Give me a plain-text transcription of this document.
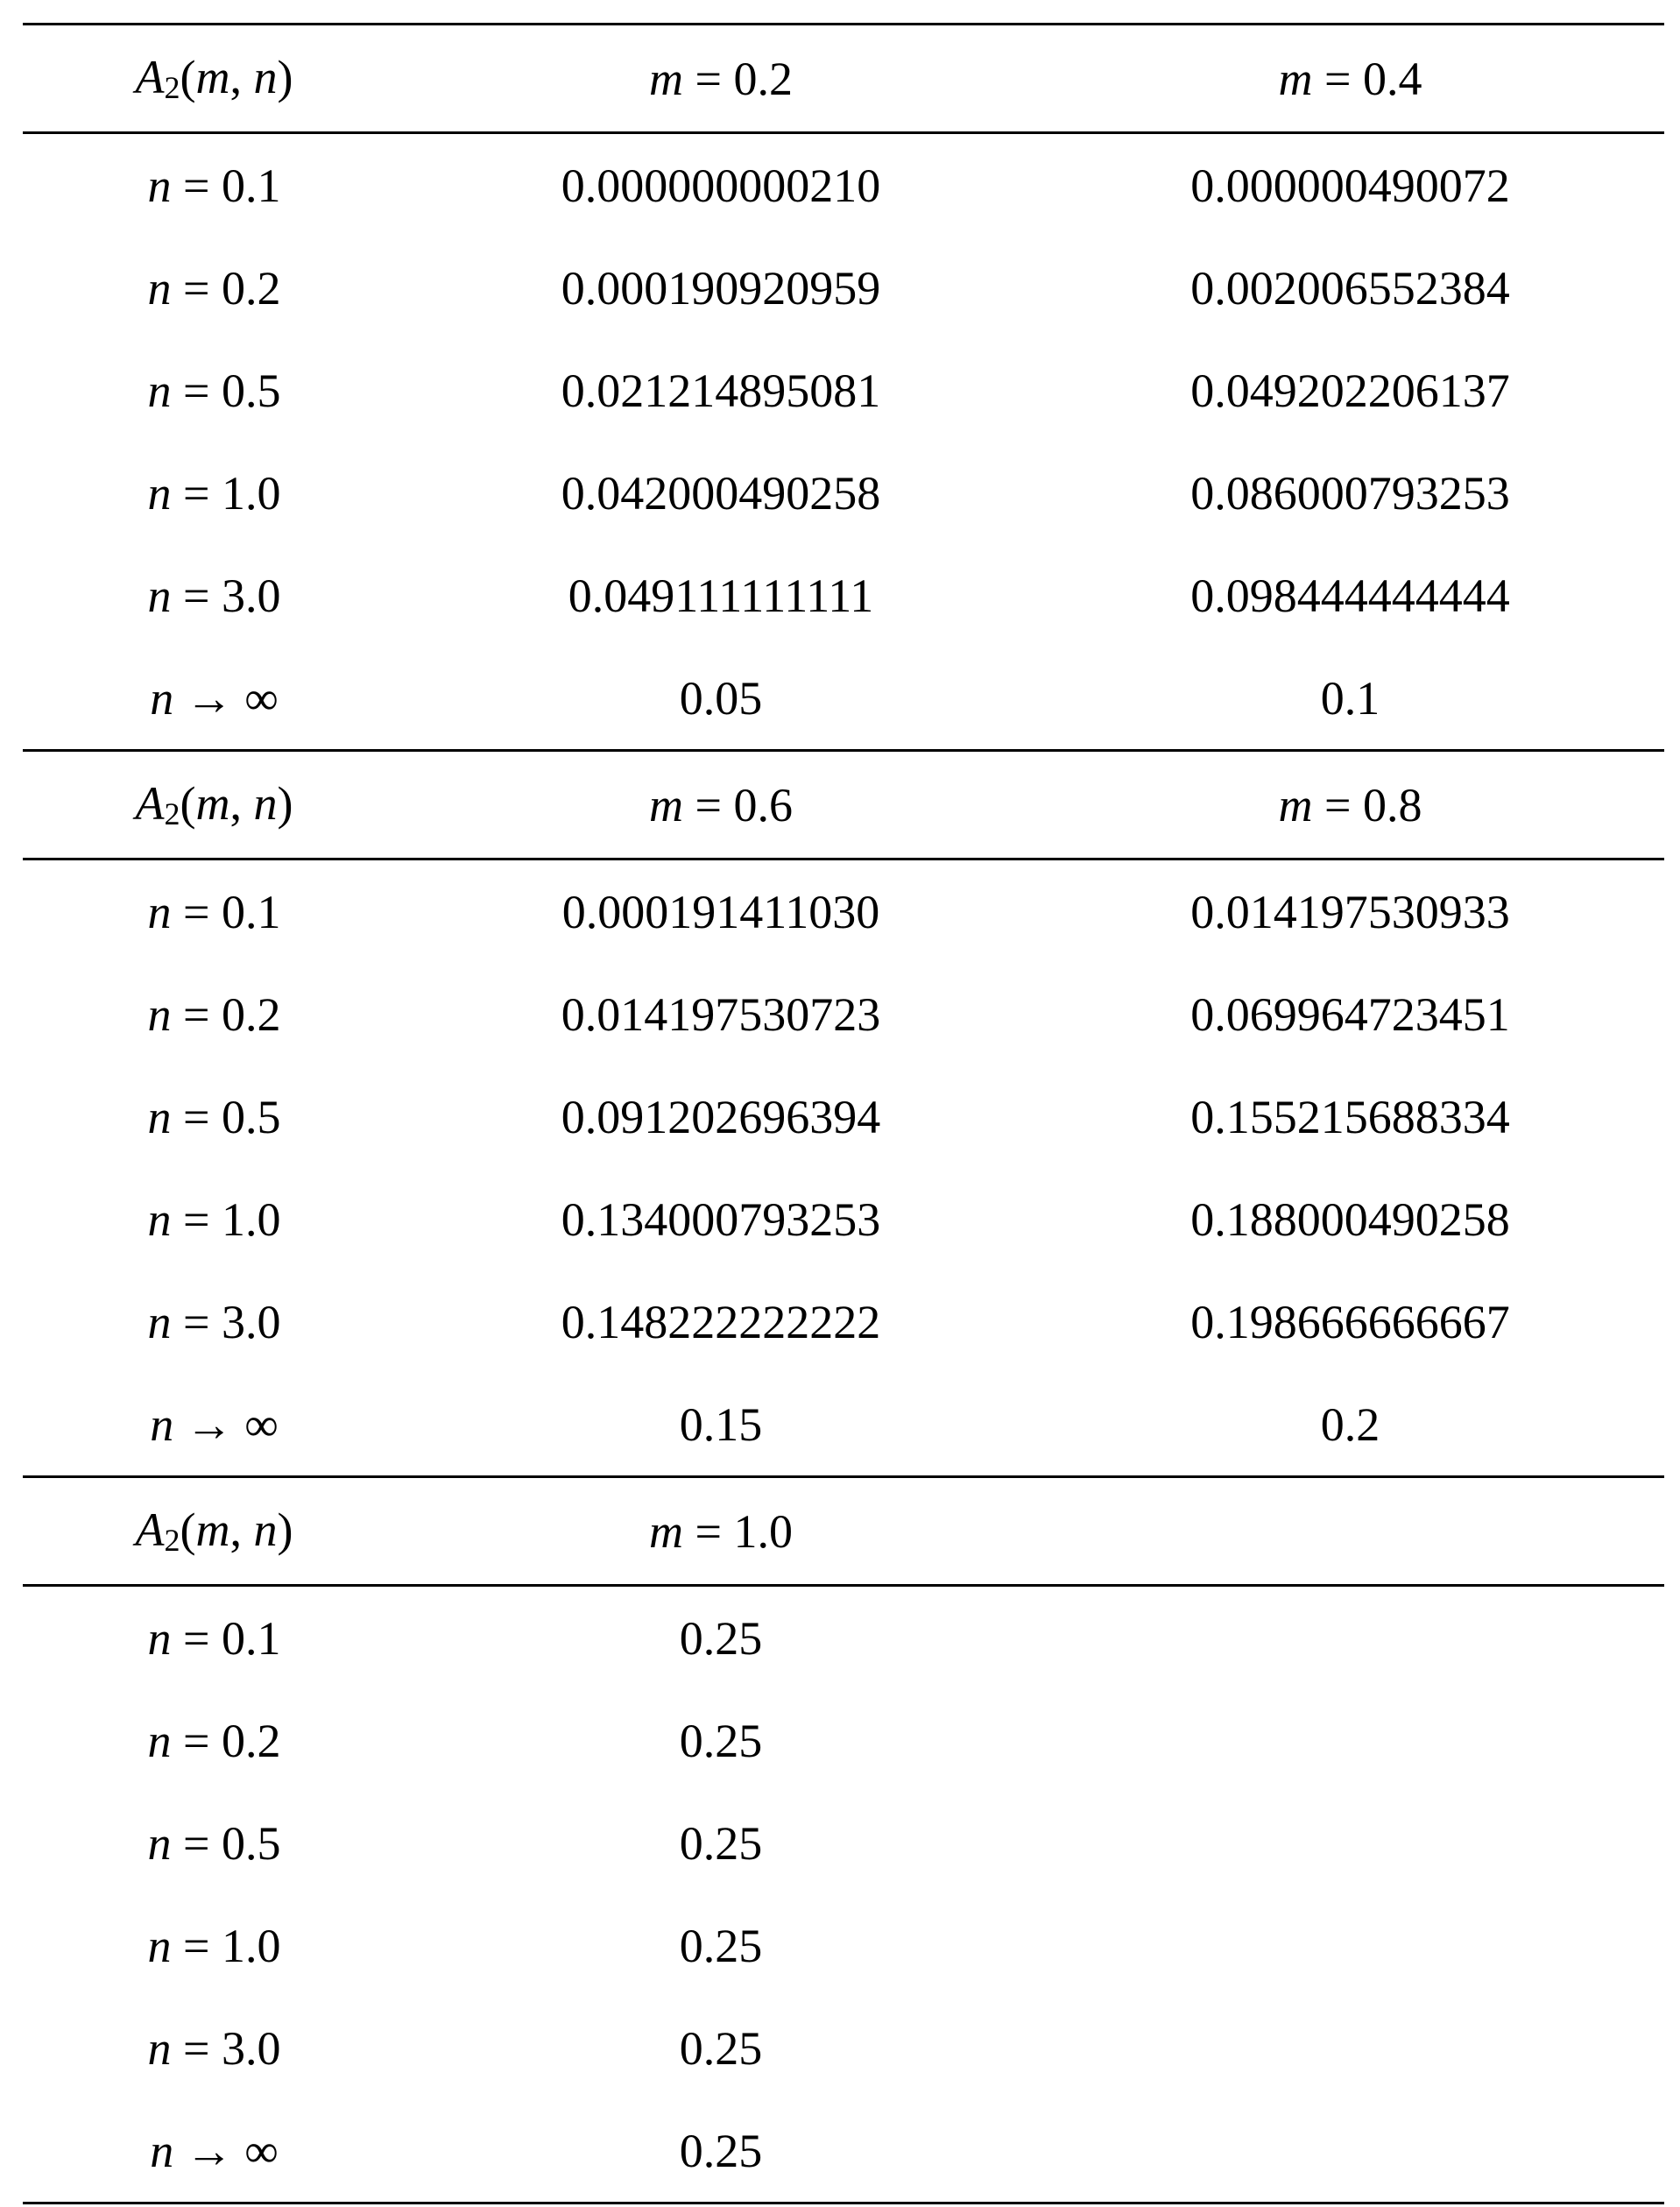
A2(m, n)	m = 0.2	m = 0.4
n = 0.1	0.000000000210	0.000000490072
n = 0.2	0.000190920959	0.002006552384
n = 0.5	0.021214895081	0.049202206137
n = 1.0	0.042000490258	0.086000793253
n = 3.0	0.049111111111	0.098444444444
n → ∞	0.05	0.1
A2(m, n)	m = 0.6	m = 0.8
n = 0.1	0.000191411030	0.014197530933
n = 0.2	0.014197530723	0.069964723451
n = 0.5	0.091202696394	0.155215688334
n = 1.0	0.134000793253	0.188000490258
n = 3.0	0.148222222222	0.198666666667
n → ∞	0.15	0.2
A2(m, n)	m = 1.0
n = 0.1	0.25
n = 0.2	0.25
n = 0.5	0.25
n = 1.0	0.25
n = 3.0	0.25
n → ∞	0.25
